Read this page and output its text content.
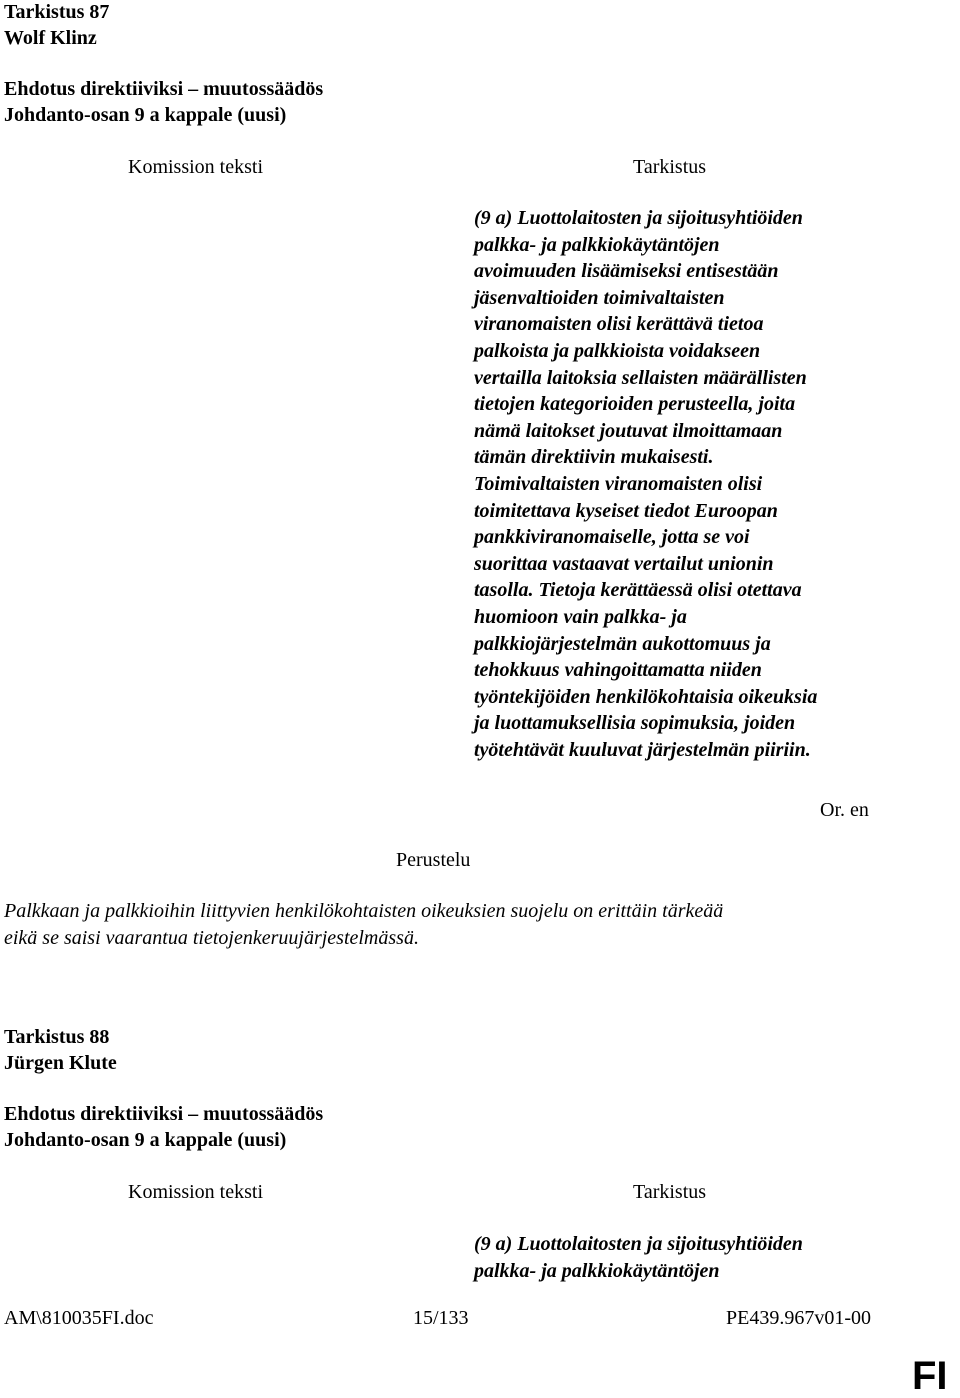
Tarkistus 87
Wolf Klinz
Ehdotus direktiiviksi – muutossäädös
Johdanto-osan 9 a kappale (uusi)
Komission teksti	Tarkistus
(9 a) Luottolaitosten ja sijoitusyhtiöiden
palkka- ja palkkiokäytäntöjen
avoimuuden lisäämiseksi entisestään
jäsenvaltioiden toimivaltaisten
viranomaisten olisi kerättävä tietoa
palkoista ja palkkioista voidakseen
vertailla laitoksia sellaisten määrällisten
tietojen kategorioiden perusteella, joita
nämä laitokset joutuvat ilmoittamaan
tämän direktiivin mukaisesti.
Toimivaltaisten viranomaisten olisi
toimitettava kyseiset tiedot Euroopan
pankkiviranomaiselle, jotta se voi
suorittaa vastaavat vertailut unionin
tasolla. Tietoja kerättäessä olisi otettava
huomioon vain palkka- ja
palkkiojärjestelmän aukottomuus ja
tehokkuus vahingoittamatta niiden
työntekijöiden henkilökohtaisia oikeuksia
ja luottamuksellisia sopimuksia, joiden
työtehtävät kuuluvat järjestelmän piiriin.
Or. en
Perustelu
Palkkaan ja palkkioihin liittyvien henkilökohtaisten oikeuksien suojelu on erittäin tärkeää
eikä se saisi vaarantua tietojenkeruujärjestelmässä.
Tarkistus 88
Jürgen Klute
Ehdotus direktiiviksi – muutossäädös
Johdanto-osan 9 a kappale (uusi)
Komission teksti	Tarkistus
(9 a) Luottolaitosten ja sijoitusyhtiöiden
palkka- ja palkkiokäytäntöjen
AM\810035FI.doc	15/133	PE439.967v01-00
FI
